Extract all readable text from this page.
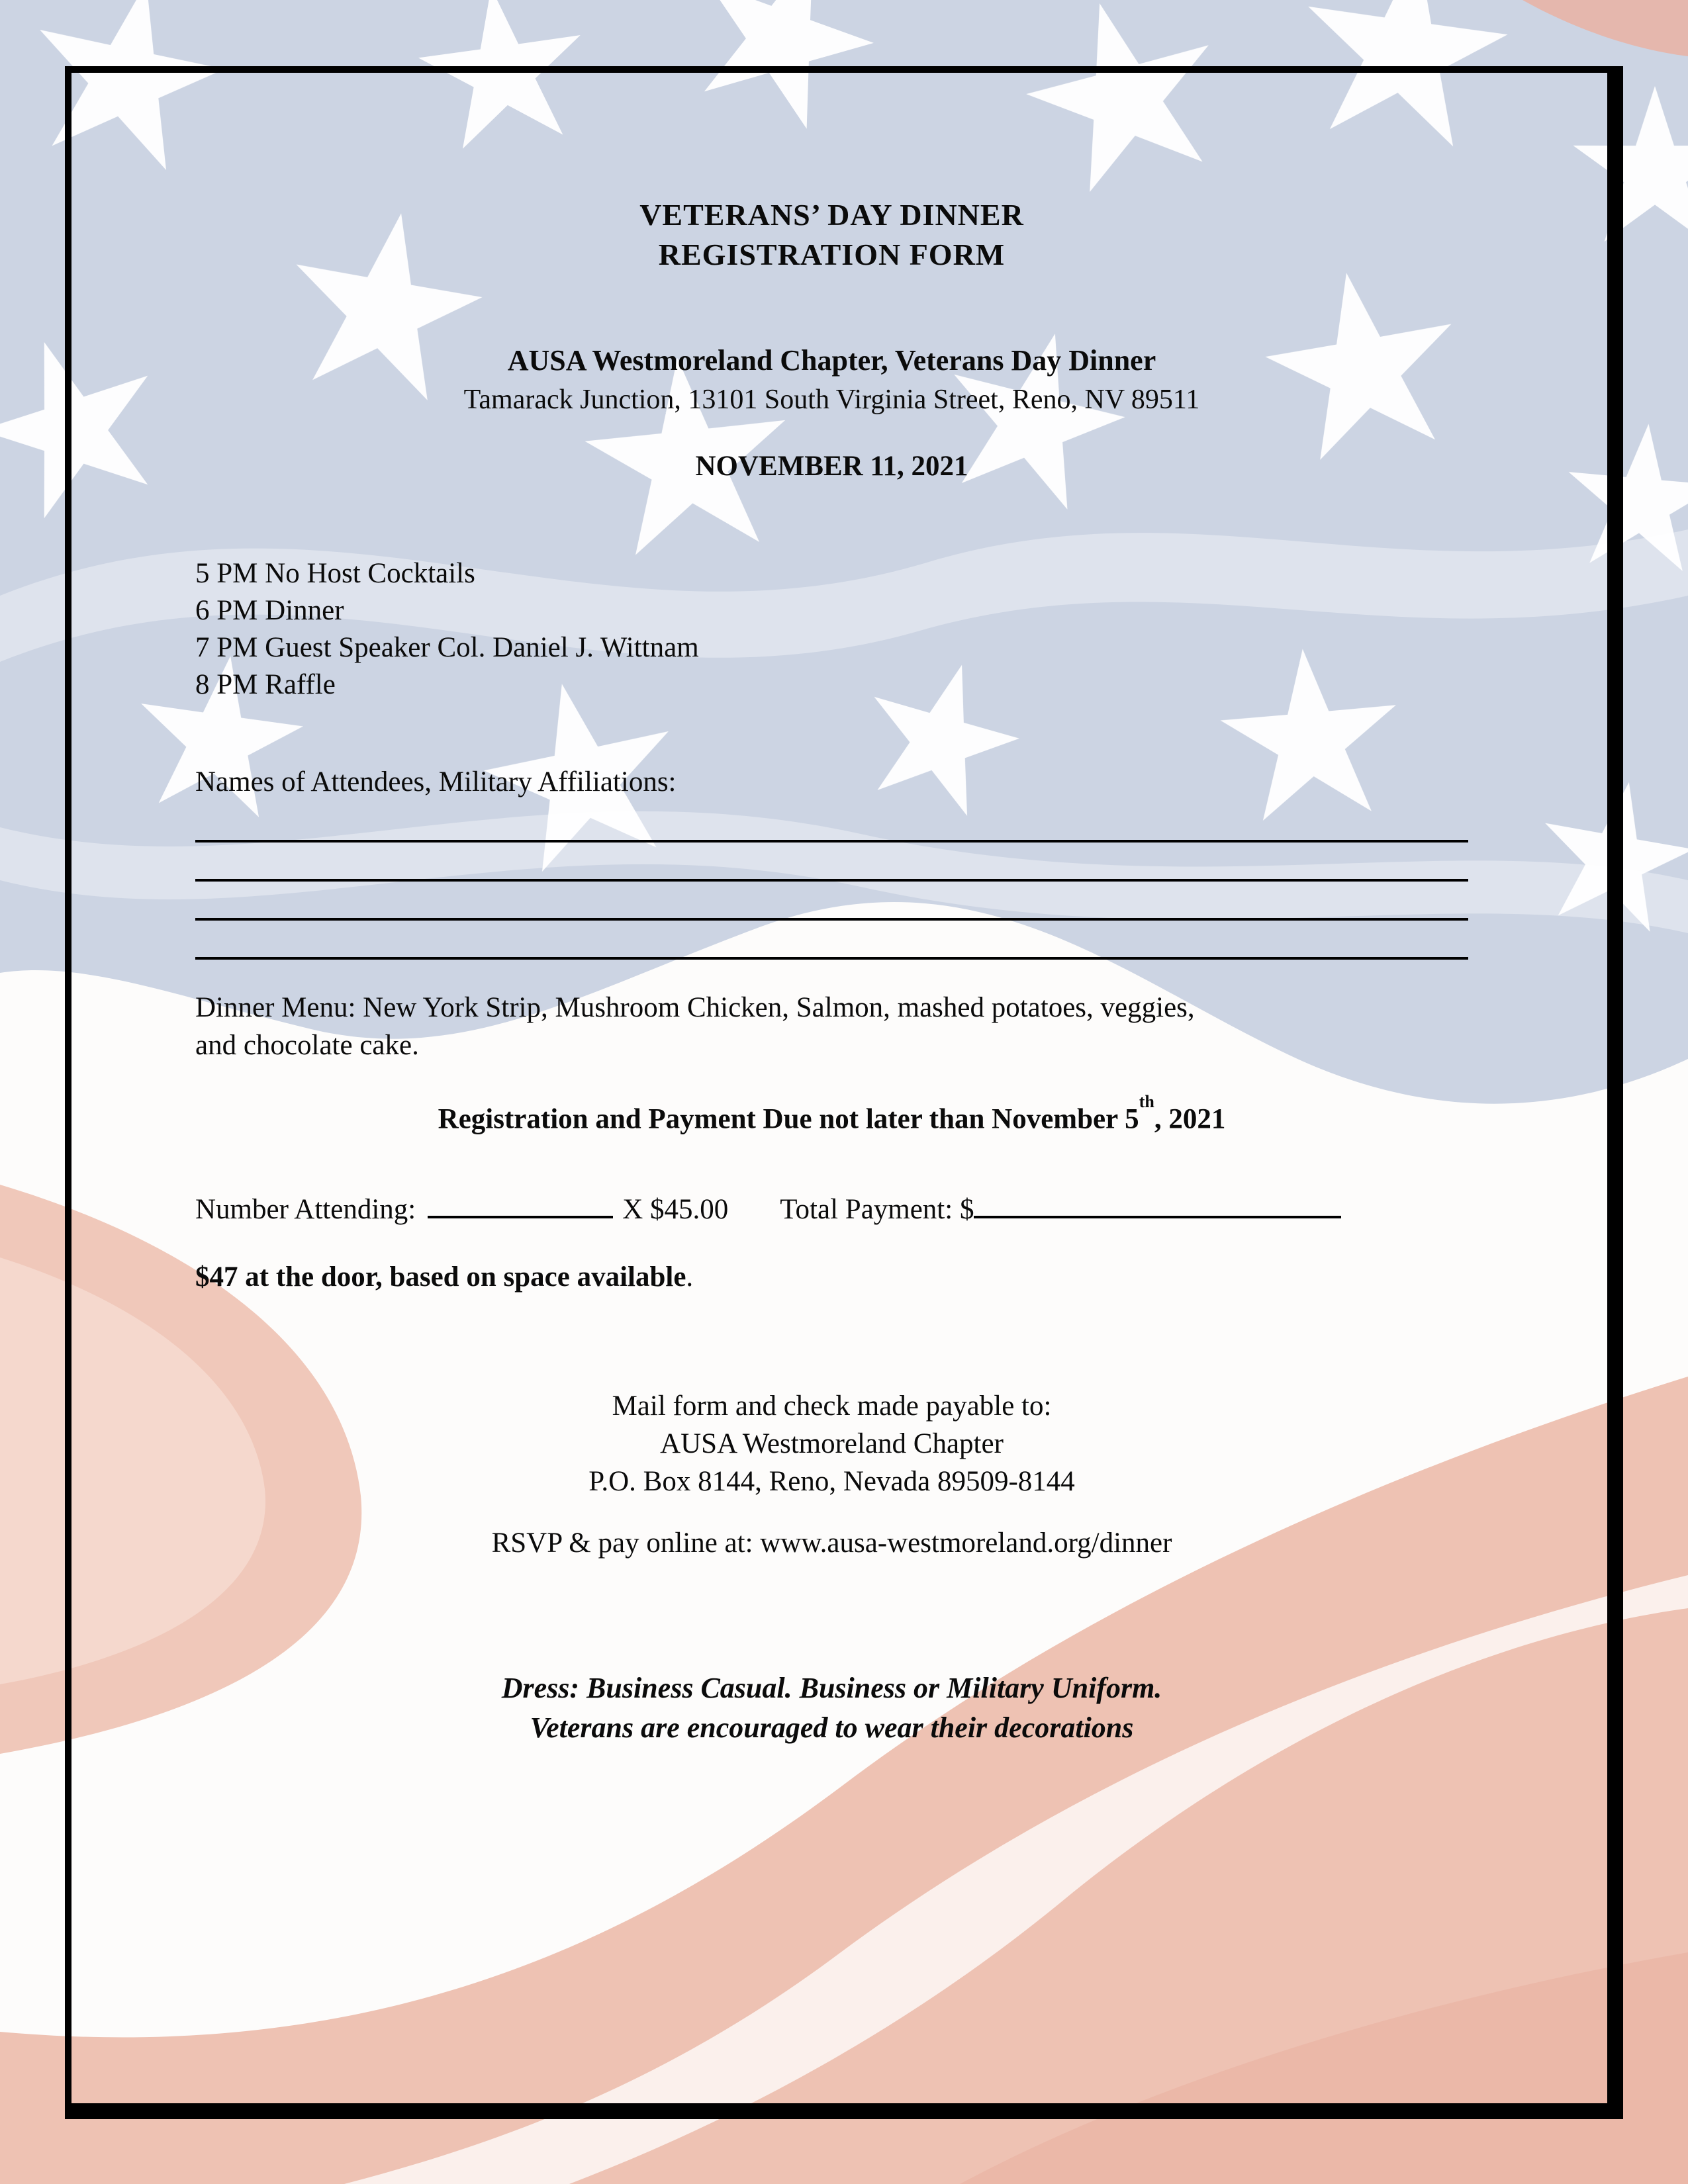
VETERANS’ DAY DINNER
REGISTRATION FORM
AUSA Westmoreland Chapter, Veterans Day Dinner
Tamarack Junction, 13101 South Virginia Street, Reno, NV 89511
NOVEMBER 11, 2021
5 PM No Host Cocktails
6 PM Dinner
7 PM Guest Speaker Col. Daniel J. Wittnam
8 PM Raffle
Names of Attendees, Military Affiliations:
Dinner Menu: New York Strip, Mushroom Chicken, Salmon, mashed potatoes, veggies,
and chocolate cake.
Registration and Payment Due not later than November 5th, 2021
Number Attending:	X $45.00 Total Payment: $
$47 at the door, based on space available.
Mail form and check made payable to:
AUSA Westmoreland Chapter
P.O. Box 8144, Reno, Nevada 89509-8144
RSVP & pay online at: www.ausa-westmoreland.org/dinner
Dress: Business Casual. Business or Military Uniform.
Veterans are encouraged to wear their decorations
